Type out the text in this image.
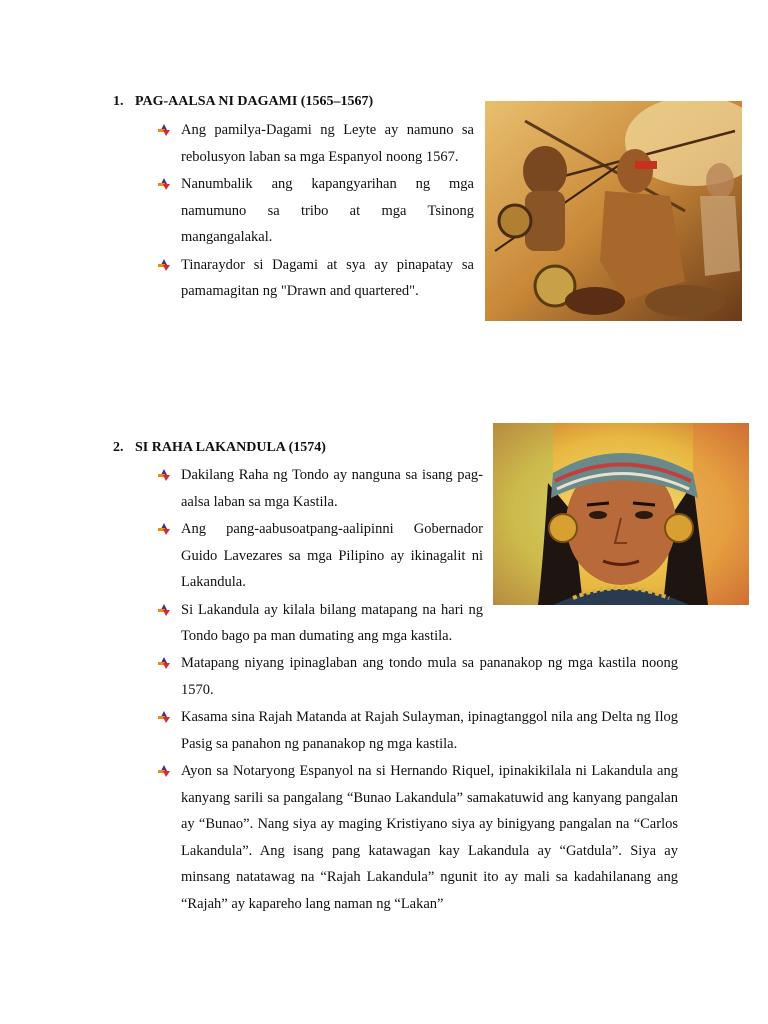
1. PAG-AALSA NI DAGAMI (1565–1567)
Ang pamilya-Dagami ng Leyte ay namuno sa rebolusyon laban sa mga Espanyol noong 1567.
Nanumbalik ang kapangyarihan ng mga namumuno sa tribo at mga Tsinong mangangalakal.
Tinaraydor si Dagami at sya ay pinapatay sa pamamagitan ng "Drawn and quartered".
2. SI RAHA LAKANDULA (1574)
Dakilang Raha ng Tondo ay nanguna sa isang pag-aalsa laban sa mga Kastila.
Ang pang-aabusoatpang-aalipinni Gobernador Guido Lavezares sa mga Pilipino ay ikinagalit ni Lakandula.
Si Lakandula ay kilala bilang matapang na hari ng Tondo bago pa man dumating ang mga kastila.
Matapang niyang ipinaglaban ang tondo mula sa pananakop ng mga kastila noong 1570.
Kasama sina Rajah Matanda at Rajah Sulayman, ipinagtanggol nila ang Delta ng Ilog Pasig sa panahon ng pananakop ng mga kastila.
Ayon sa Notaryong Espanyol na si Hernando Riquel, ipinakikilala ni Lakandula ang kanyang sarili sa pangalang “Bunao Lakandula” samakatuwid ang kanyang pangalan ay “Bunao”. Nang siya ay maging Kristiyano siya ay binigyang pangalan na “Carlos Lakandula”. Ang isang pang katawagan kay Lakandula ay “Gatdula”. Siya ay minsang natatawag na “Rajah Lakandula” ngunit ito ay mali sa kadahilanang ang “Rajah” ay kapareho lang naman ng “Lakan”
